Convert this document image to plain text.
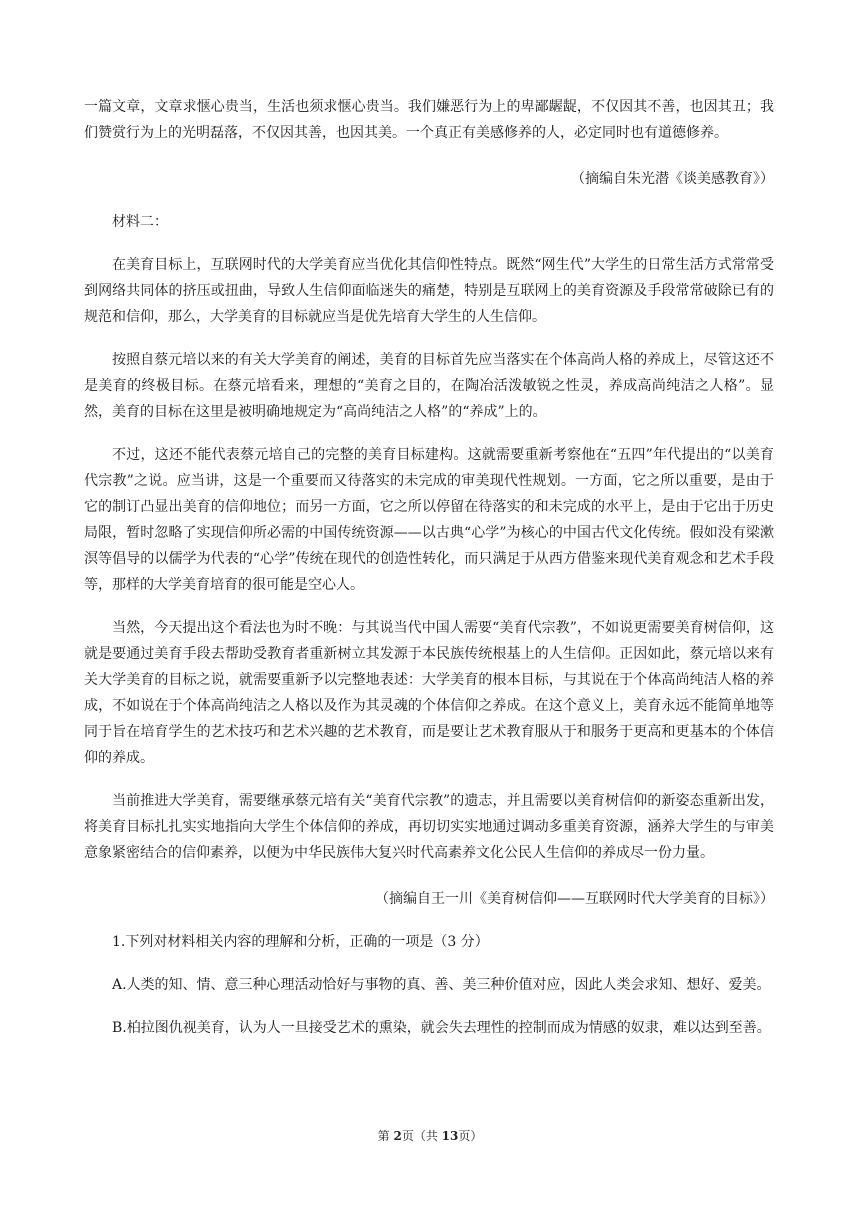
一篇文章，文章求惬心贵当，生活也须求惬心贵当。我们嫌恶行为上的卑鄙龌龊，不仅因其不善，也因其丑；我们赞赏行为上的光明磊落，不仅因其善，也因其美。一个真正有美感修养的人，必定同时也有道德修养。

（摘编自朱光潜《谈美感教育》）

材料二：

在美育目标上，互联网时代的大学美育应当优化其信仰性特点。既然“网生代”大学生的日常生活方式常常受到网络共同体的挤压或扭曲，导致人生信仰面临迷失的痛楚，特别是互联网上的美育资源及手段常常破除已有的规范和信仰，那么，大学美育的目标就应当是优先培育大学生的人生信仰。

按照自蔡元培以来的有关大学美育的阐述，美育的目标首先应当落实在个体高尚人格的养成上，尽管这还不是美育的终极目标。在蔡元培看来，理想的“美育之目的，在陶冶活泼敏锐之性灵，养成高尚纯洁之人格”。显然，美育的目标在这里是被明确地规定为“高尚纯洁之人格”的“养成”上的。

不过，这还不能代表蔡元培自己的完整的美育目标建构。这就需要重新考察他在“五四”年代提出的“以美育代宗教”之说。应当讲，这是一个重要而又待落实的未完成的审美现代性规划。一方面，它之所以重要，是由于它的制订凸显出美育的信仰地位；而另一方面，它之所以停留在待落实的和未完成的水平上，是由于它出于历史局限，暂时忽略了实现信仰所必需的中国传统资源——以古典“心学”为核心的中国古代文化传统。假如没有梁漱溟等倡导的以儒学为代表的“心学”传统在现代的创造性转化，而只满足于从西方借鉴来现代美育观念和艺术手段等，那样的大学美育培育的很可能是空心人。

当然，今天提出这个看法也为时不晚：与其说当代中国人需要“美育代宗教”，不如说更需要美育树信仰，这就是要通过美育手段去帮助受教育者重新树立其发源于本民族传统根基上的人生信仰。正因如此，蔡元培以来有关大学美育的目标之说，就需要重新予以完整地表述：大学美育的根本目标，与其说在于个体高尚纯洁人格的养成，不如说在于个体高尚纯洁之人格以及作为其灵魂的个体信仰之养成。在这个意义上，美育永远不能简单地等同于旨在培育学生的艺术技巧和艺术兴趣的艺术教育，而是要让艺术教育服从于和服务于更高和更基本的个体信仰的养成。

当前推进大学美育，需要继承蔡元培有关“美育代宗教”的遗志，并且需要以美育树信仰的新姿态重新出发，将美育目标扎扎实实地指向大学生个体信仰的养成，再切切实实地通过调动多重美育资源，涵养大学生的与审美意象紧密结合的信仰素养，以便为中华民族伟大复兴时代高素养文化公民人生信仰的养成尽一份力量。

（摘编自王一川《美育树信仰——互联网时代大学美育的目标》）

1.下列对材料相关内容的理解和分析，正确的一项是（3 分）

A.人类的知、情、意三种心理活动恰好与事物的真、善、美三种价值对应，因此人类会求知、想好、爱美。

B.柏拉图仇视美育，认为人一旦接受艺术的熏染，就会失去理性的控制而成为情感的奴隶，难以达到至善。

第 2页（共 13页）
